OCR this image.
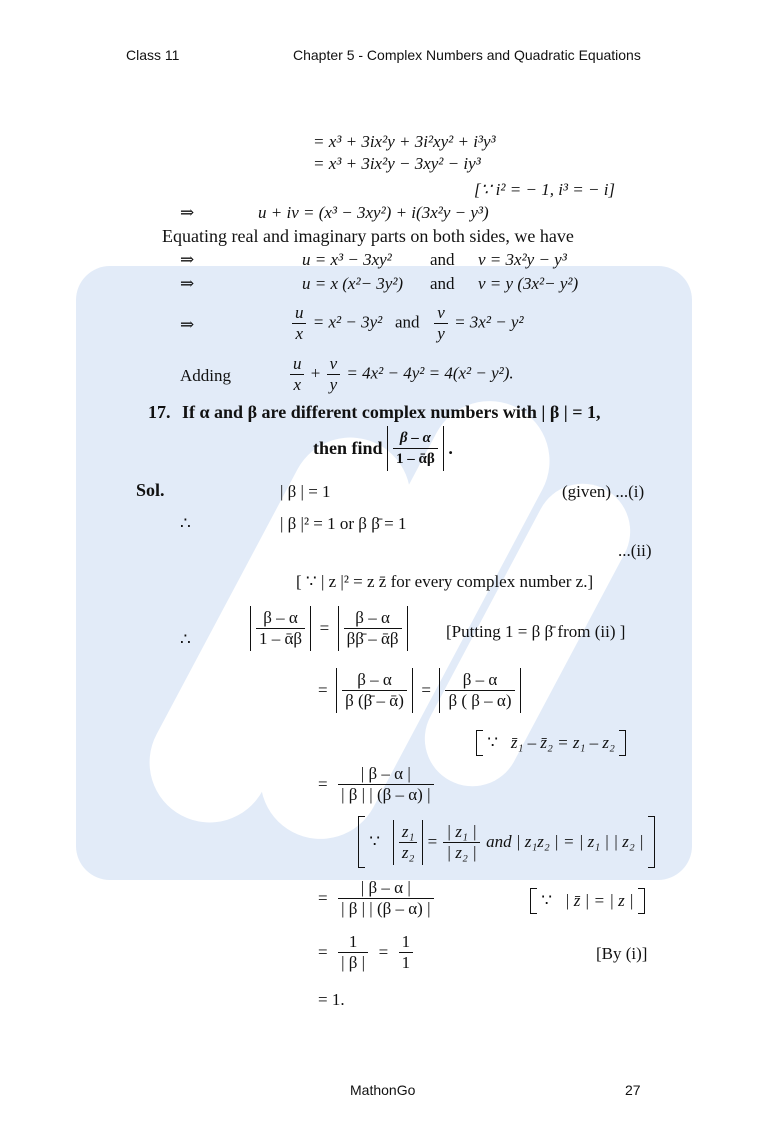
Class 11	Chapter 5 - Complex Numbers and Quadratic Equations
= x³ + 3ix²y + 3i²xy² + i³y³
= x³ + 3ix²y − 3xy² − iy³
[∵ i² = − 1, i³ = − i]
⇒	u + iv = (x³ − 3xy²) + i(3x²y − y³)
Equating real and imaginary parts on both sides, we have
⇒	u = x³ − 3xy² and v = 3x²y − y³
⇒	u = x (x²− 3y²) and v = y (3x²− y²)
⇒	$\frac{u}{x} = x^2 - 3y^2$ and $\frac{v}{y} = 3x^2 - y^2$
Adding	$\frac{u}{x} + \frac{v}{y} = 4x^2 - 4y^2 = 4(x^2 - y^2)$.
17. If α and β are different complex numbers with | β | = 1,
then find $\frac{\beta - \alpha}{\text{1 – ᾱβ}}$ .
Sol.	| β | = 1	(given) ...(i)
∴	| β |² = 1 or β β̄ = 1
...(ii)
[ ∵ | z |² = z z̄ for every complex number z.]
∴	$\frac{\beta - \alpha}{\text{1 – ᾱβ}} = \frac{\beta - \alpha}{\text{ββ̄ – ᾱβ}}$	[Putting 1 = β β̄ from (ii) ]
= $\frac{\beta - \alpha}{\text{β (β̄ – ᾱ)}} = \frac{\beta - \alpha}{\beta ( \beta - \alpha)}$
∵ z̄₁ – z̄₂ = z₁ – z₂
= $\frac{| \beta - \alpha |}{| \beta | | (\beta - \alpha) |}$
∵ $\frac{\text{z₁}}{\text{z₂}} = \frac{\text{| z₁ |}}{\text{| z₂ |}}$ and | z₁z₂ | = | z₁ | | z₂ |
= $\frac{| \beta - \alpha |}{| \beta | | (\beta - \alpha) |}$	∵ | z̄ | = | z |
= $\frac{1}{| \beta |} = \frac{1}{1}$	[By (i)]
= 1.
MathonGo	27
